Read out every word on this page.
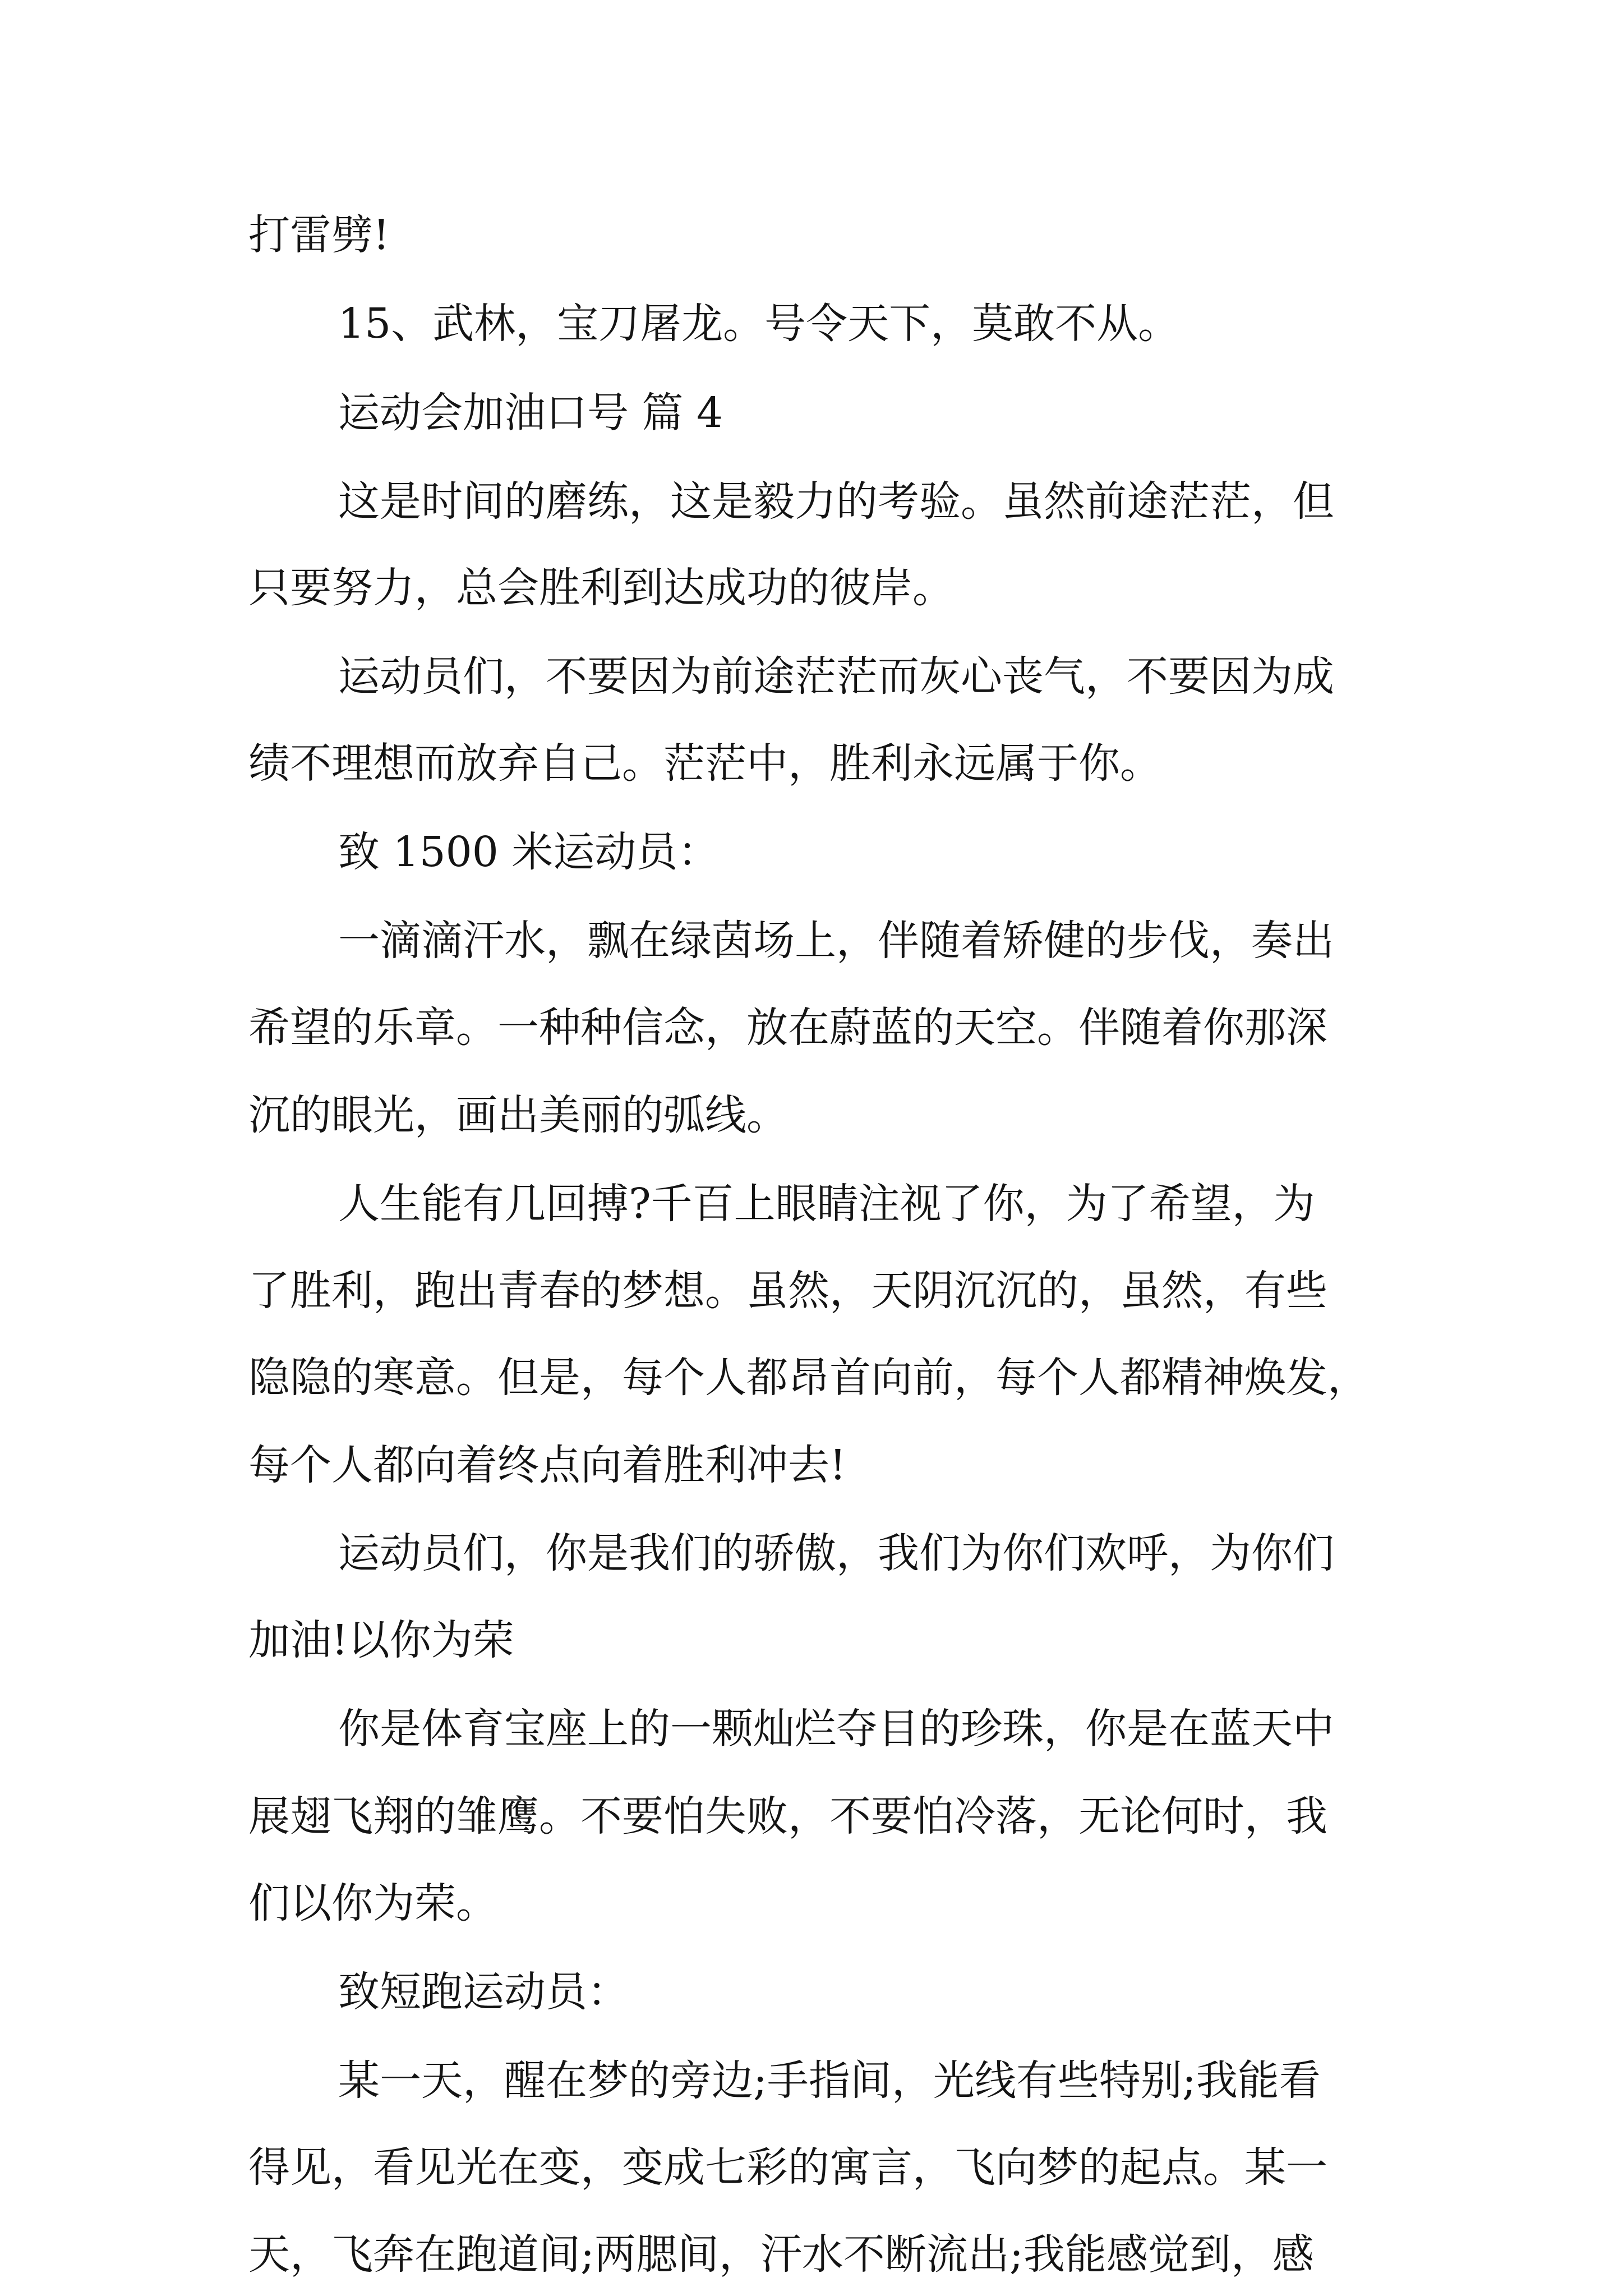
打雷劈!

15、武林，宝刀屠龙。号令天下，莫敢不从。

运动会加油口号 篇 4

这是时间的磨练，这是毅力的考验。虽然前途茫茫，但

只要努力，总会胜利到达成功的彼岸。

运动员们，不要因为前途茫茫而灰心丧气，不要因为成

绩不理想而放弃自己。茫茫中，胜利永远属于你。

致 1500 米运动员：

一滴滴汗水，飘在绿茵场上，伴随着矫健的步伐，奏出

希望的乐章。一种种信念，放在蔚蓝的天空。伴随着你那深

沉的眼光，画出美丽的弧线。

人生能有几回搏?千百上眼睛注视了你，为了希望，为

了胜利，跑出青春的梦想。虽然，天阴沉沉的，虽然，有些

隐隐的寒意。但是，每个人都昂首向前，每个人都精神焕发，

每个人都向着终点向着胜利冲去!

运动员们，你是我们的骄傲，我们为你们欢呼，为你们

加油!以你为荣

你是体育宝座上的一颗灿烂夺目的珍珠，你是在蓝天中

展翅飞翔的雏鹰。不要怕失败，不要怕冷落，无论何时，我

们以你为荣。

致短跑运动员：

某一天，醒在梦的旁边;手指间，光线有些特别;我能看

得见，看见光在变，变成七彩的寓言，飞向梦的起点。某一

天，飞奔在跑道间;两腮间，汗水不断流出;我能感觉到，感
